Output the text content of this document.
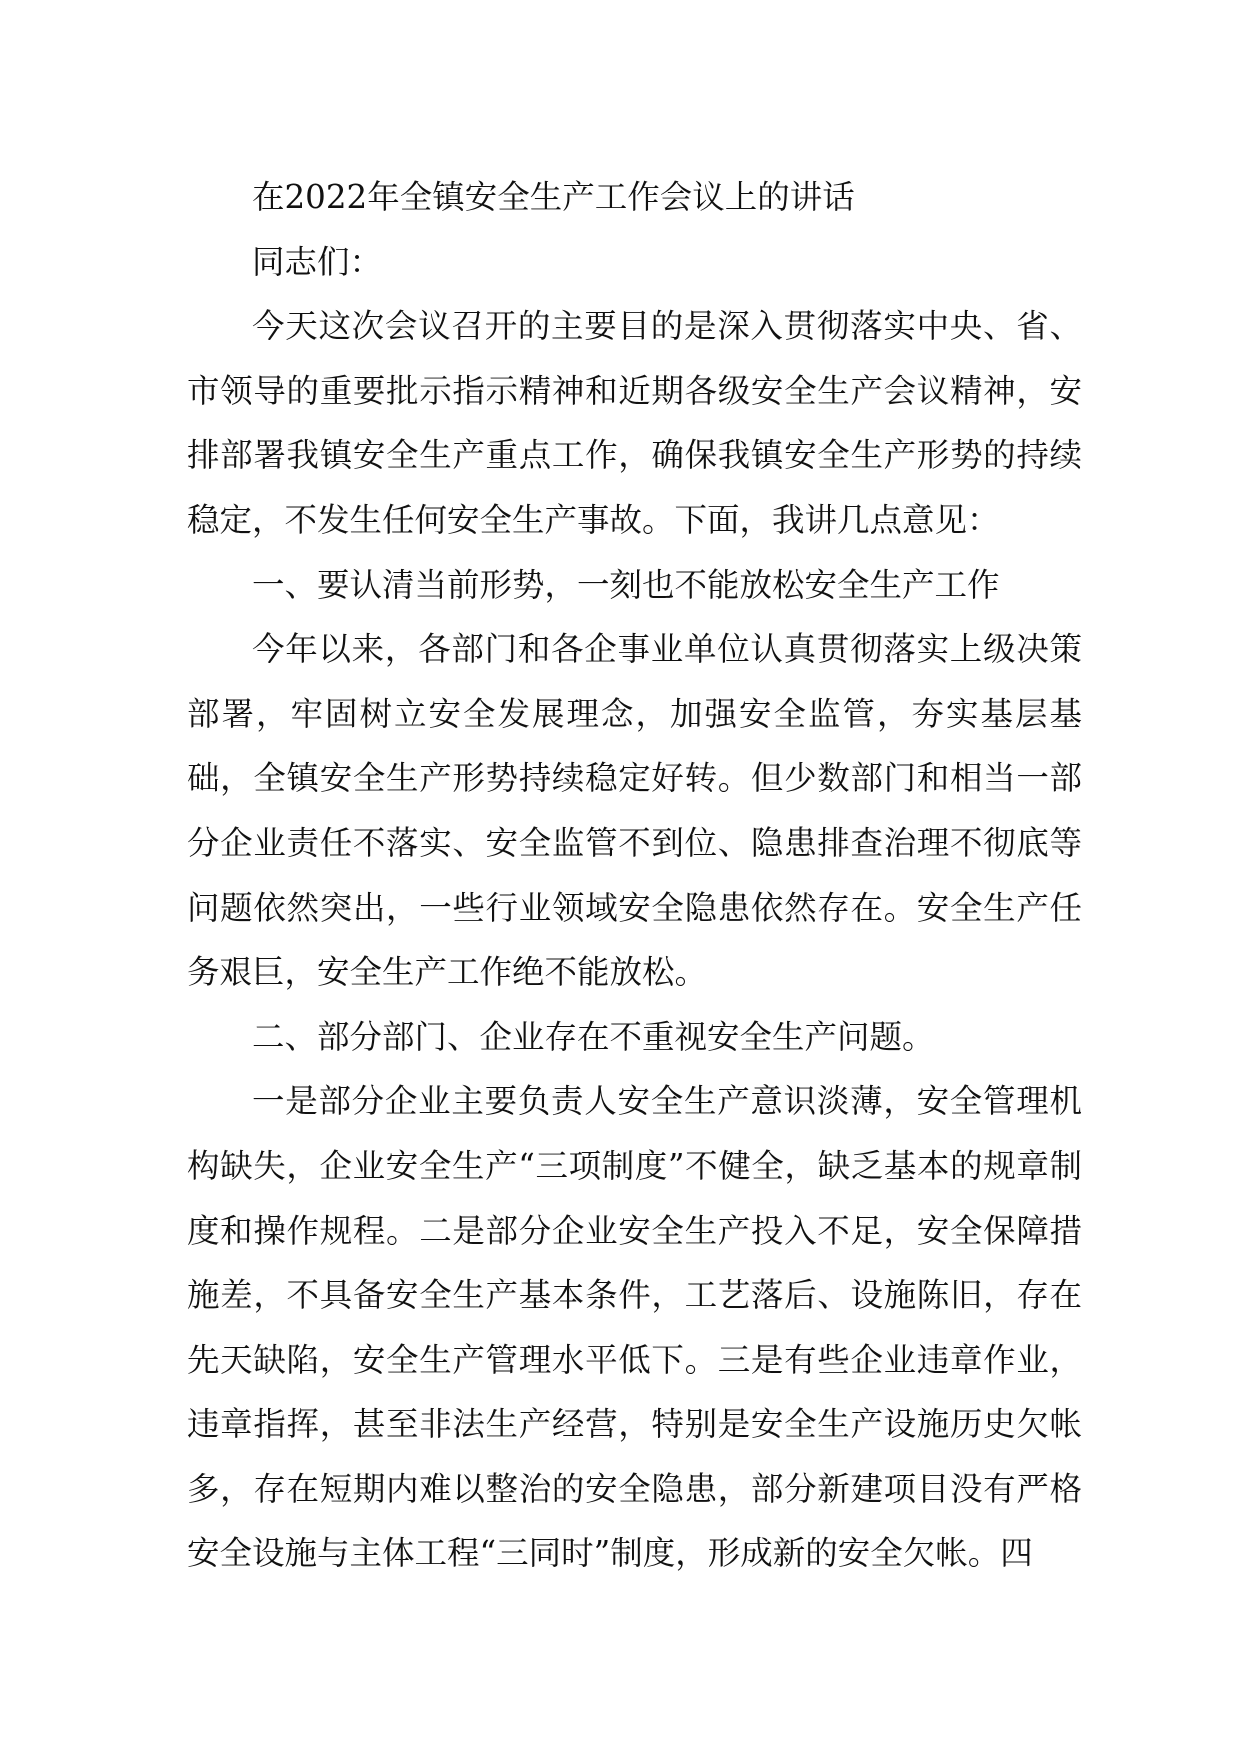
在2022年全镇安全生产工作会议上的讲话

同志们：

今天这次会议召开的主要目的是深入贯彻落实中央、省、市领导的重要批示指示精神和近期各级安全生产会议精神，安排部署我镇安全生产重点工作，确保我镇安全生产形势的持续稳定，不发生任何安全生产事故。下面，我讲几点意见：

一、要认清当前形势，一刻也不能放松安全生产工作

今年以来，各部门和各企事业单位认真贯彻落实上级决策部署，牢固树立安全发展理念，加强安全监管，夯实基层基础，全镇安全生产形势持续稳定好转。但少数部门和相当一部分企业责任不落实、安全监管不到位、隐患排查治理不彻底等问题依然突出，一些行业领域安全隐患依然存在。安全生产任务艰巨，安全生产工作绝不能放松。

二、部分部门、企业存在不重视安全生产问题。

一是部分企业主要负责人安全生产意识淡薄，安全管理机构缺失，企业安全生产“三项制度”不健全，缺乏基本的规章制度和操作规程。二是部分企业安全生产投入不足，安全保障措施差，不具备安全生产基本条件，工艺落后、设施陈旧，存在先天缺陷，安全生产管理水平低下。三是有些企业违章作业，违章指挥，甚至非法生产经营，特别是安全生产设施历史欠帐多，存在短期内难以整治的安全隐患，部分新建项目没有严格安全设施与主体工程“三同时”制度，形成新的安全欠帐。四
